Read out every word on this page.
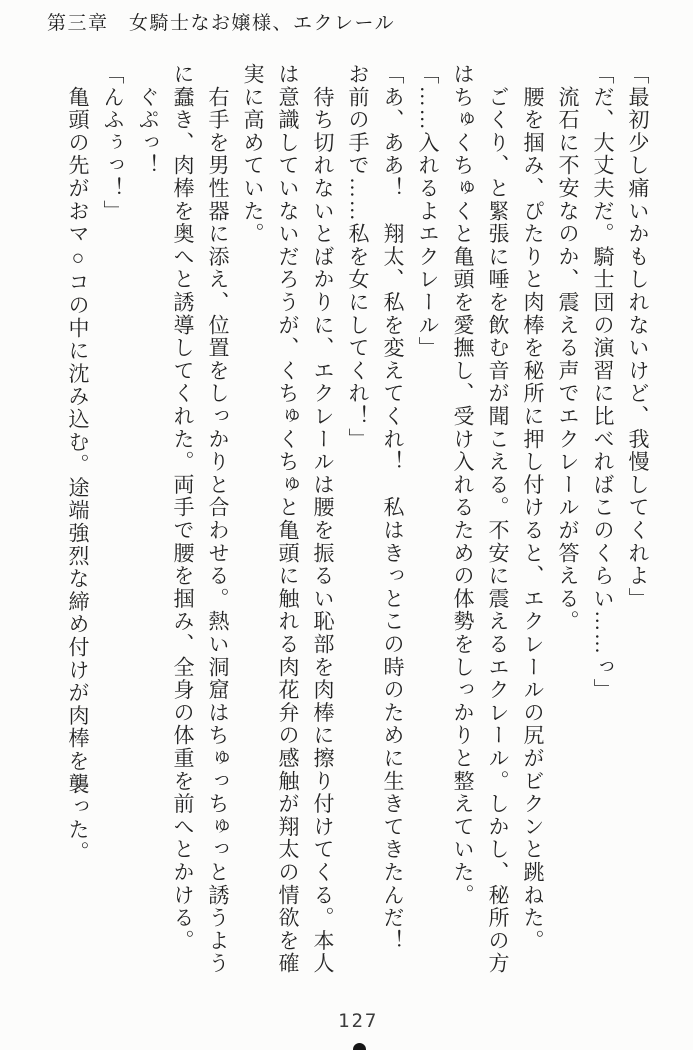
第三章　女騎士なお嬢様、エクレール

「最初少し痛いかもしれないけど、我慢してくれよ」

「だ、大丈夫だ。騎士団の演習に比べればこのくらい……っ」

　流石に不安なのか、震える声でエクレールが答える。

　腰を掴み、ぴたりと肉棒を秘所に押し付けると、エクレールの尻がビクンと跳ねた。

　ごくり、と緊張に唾を飲む音が聞こえる。不安に震えるエクレール。しかし、秘所の方

はちゅくちゅくと亀頭を愛撫し、受け入れるための体勢をしっかりと整えていた。

「……入れるよエクレール」

「あ、ああ！　翔太、私を変えてくれ！　私はきっとこの時のために生きてきたんだ！

お前の手で……私を女にしてくれ！」

　待ち切れないとばかりに、エクレールは腰を振るい恥部を肉棒に擦り付けてくる。本人

は意識していないだろうが、くちゅくちゅと亀頭に触れる肉花弁の感触が翔太の情欲を確

実に高めていた。

　右手を男性器に添え、位置をしっかりと合わせる。熱い洞窟はちゅっちゅっと誘うよう

に蠢き、肉棒を奥へと誘導してくれた。両手で腰を掴み、全身の体重を前へとかける。

　ぐぷっ！

「んふぅっ！」

　亀頭の先がおマ○コの中に沈み込む。途端強烈な締め付けが肉棒を襲った。

127
